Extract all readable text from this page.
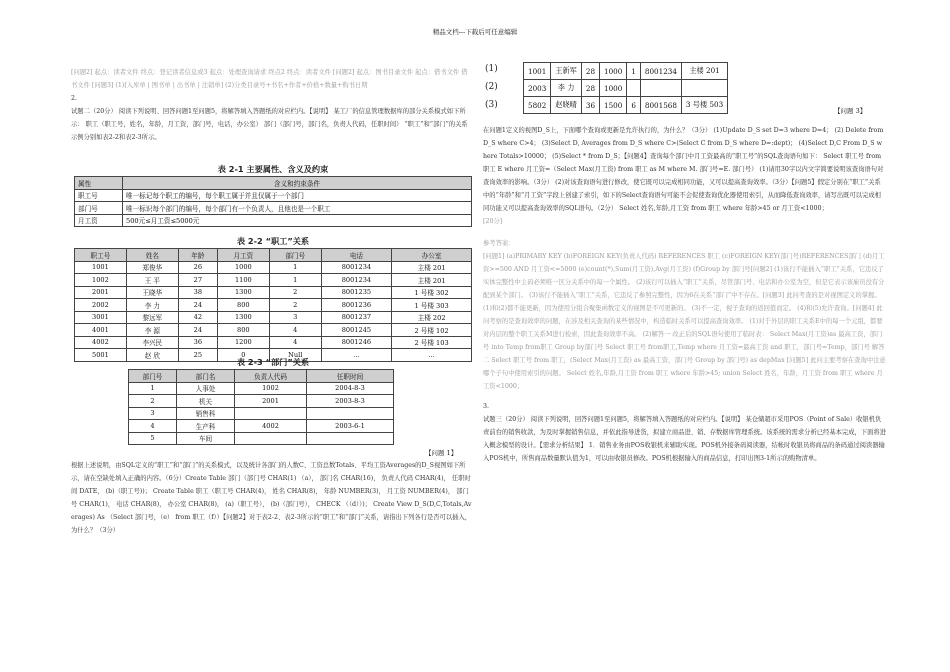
精品文档---下载后可任意编辑
[问题2] 起点：读者文件 终点：登记读者信息或3 起点：处理查询请求 终点2 终点：读者文件 [问题2] 起点：图书目录文件 起点：借书文件 借书文件 [问题3] (1)[入库单 | 图书单 | 出书单 | 注销单] (2)分类目录号+书名+作者+价格+数量+购书日期
2.
试题二（20分） 阅读下列说明、回答问题1至问题5，将解答填入答题纸的对应栏内。【说明】 某工厂的信息管理数据库的部分关系模式如下所示： 职工（职工号，姓名，年龄，月工资，部门号，电话，办公室） 部门（部门号，部门名，负责人代码，任职时间） “职工”和“部门”的关系示例分别如表2-2和表2-3所示。
表 2-1 主要属性、含义及约束
属性	含义和约束条件
职工号	唯一标记每个职工的编号，每个职工属于并且仅属于一个部门
部门号	唯一标识每个部门的编号，每个部门有一个负责人，且他也是一个职工
月工资	500元≤月工资≤5000元
表 2-2 “职工”关系
职工号	姓名	年龄	月工资	部门号	电话	办公室
1001	郑俊华	26	1000	1	8001234	主楼 201
1002	王 平	27	1100	1	8001234	主楼 201
2001	王晓华	38	1300	2	8001235	1 号楼 302
2002	李 力	24	800	2	8001236	1 号楼 303
3001	黎远军	42	1300	3	8001237	主楼 202
4001	李 源	24	800	4	8001245	2 号楼 102
4002	李兴民	36	1200	4	8001246	2 号楼 103
5001	赵 欣	25	0	Null	...	...
表 2-3 “部门”关系
部门号	部门名	负责人代码	任职时间
1	人事处	1002	2004-8-3
2	机关	2001	2003-8-3
3	销售科		
4	生产科	4002	2003-6-1
5	车间		
【问题 1】
根据上述说明，由SQL定义的“职工”和“部门”的关系模式，以及统计各部门的人数C、工资总数Totals、平均工资Averages的D_S视图如下所示，请在空缺处填入正确的内容。（6分）Create Table 部门（部门号 CHAR(1) （a）， 部门名 CHAR(16)， 负责人代码 CHAR(4)， 任职时间 DATE， (b)（职工号))； Create Table 职工（职工号 CHAR(4)， 姓名 CHAR(8)， 年龄 NUMBER(3)， 月工资 NUMBER(4)， 部门号 CHAR(1)， 电话 CHAR(8)， 办公室 CHAR(8)， (a)（职工号）， (b)（部门号）， CHECK （（d））)； Create View D_S(D,C,Totals,Averages) As （Select 部门号，（e） from 职工（f））【问题2】对于表2-2、表2-3所示的“职工”和“部门”关系，请指出下列各行是否可以插入，为什么？（3分）
(1)
(2)
(3)
1001	王新军	28	1000	1	8001234	主楼 201
2003	李 力	28	1000			
5802	赵晓晴	36	1500	6	8001568	3 号楼 503
【问题 3】
在问题1定义的视图D_S上，下面哪个查询或更新是允许执行的，为什么？（3分） (1)Update D_S set D=3 where D=4； (2) Delete from D_S where C>4； (3)Select D, Averages from D_S where C>(Select C from D_S where D=:dept)； (4)Select D,C From D_S where Totals>10000； (5)Select * from D_S；【问题4】查询每个部门中月工资最高的“职工号”的SQL查询语句如下： Select 职工号 from 职工 E where 月工资=（Select Max(月工资) from 职工 as M where M. 部门号=E. 部门号） (1)请用30字以内文字简要说明该查询语句对查询效率的影响。（3分） (2)对该查询语句进行修改，使它既可以完成相同功能，又可以提高查询效率。（3分）【问题5】假定分别在“职工”关系中的“年龄”和“月工资”字段上创建了索引，如下的Select查询语句可能不会促使查询优化器使用索引，从而降低查询效率，请写出既可以完成相同功能又可以提高查询效率的SQL语句。（2分） Select 姓名,年龄,月工资 from 职工 where 年龄>45 or 月工资<1000；
[20分]
参考答案：
[问题1] (a)PRIMARY KEY (b)FOREIGN KEY(负责人代码) REFERENCES 职工 (c)FOREIGN KEY(部门号)REFERENCES部门 (d)月工资>=500 AND 月工资<=5000 (e)count(*),Sum(月工资),Avg(月工资) (f)Group by 部门号[问题2] (1)该行不能插入“职工”关系，它违反了实体完整性中主码必须唯一区分关系中的每一个属性。 (2)该行可以插入“职工”关系，尽管部门号、电话和办公室为空，但是它表示该雇员没有分配到某个部门。 (3)该行不能插入“职工”关系，它违反了参照完整性，因为6在关系“部门”中不存在。[问题3] 此问考查的是对视图定义的掌握。 (1)和(2)都不能更新，因为使用分组合聚集函数定义的视图是不可更新的。 (3)不一定，视子查询的返回值而定。 (4)和(5)允许查询。[问题4] 此问考察的是查询效率的问题，在涉及相关查询的某些情况中，构造临时关系可以提高查询效率。 (1)对于外层的职工关系E中的每一个元组，都要对内层的整个职工关系M进行检索，因此查询效率不高。 (2)解答一 改正后的SQL语句使用了临时表： Select Max(月工资)as 最高工资，部门号 into Temp from职工 Group by部门号 Select 职工号 from职工,Temp where 月工资=最高工资 and 职工，部门号=Temp，部门号 解答二 Select 职工号 from 职工，(Select Max(月工资) as 最高工资，部门号 Group by 部门号) as depMax [问题5] 此问主要考察在查询中注意哪个子句中使用索引的问题。 Select 姓名,年龄,月工资 from 职工 where 年龄>45; union Select 姓名，年龄，月工资 from 职工 where 月工资<1000；
3.
试题三（20分） 阅读下列说明，回答问题1至问题5，将解答填入答题纸的对应栏内。【说明】 某仓储超市采用POS（Point of Sale）收银机负责前台的销售收款，为及时掌握销售信息，并依此指导进货，拟建立商品进、销、存数据库管理系统。该系统的需求分析已经基本完成，下面将进入概念模型的设计。【需求分析结果】 1．销售业务由POS收银机来辅助实现。POS机外接条码阅读器，结帐时收银员将商品的条码通过阅读器输入POS机中，所售商品数量默认值为1，可以由收银员修改。POS机根据输入的商品信息，打印出图3-1所示的购物清单。
